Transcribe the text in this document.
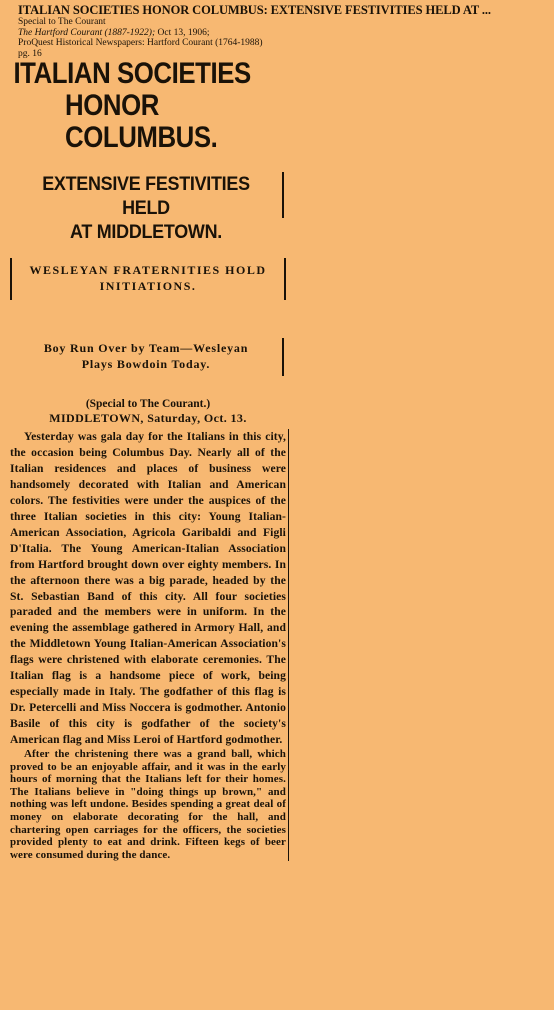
ITALIAN SOCIETIES HONOR COLUMBUS: EXTENSIVE FESTIVITIES HELD AT ...
Special to The Courant
The Hartford Courant (1887-1922); Oct 13, 1906;
ProQuest Historical Newspapers: Hartford Courant (1764-1988)
pg. 16
ITALIAN SOCIETIES
HONOR COLUMBUS.
EXTENSIVE FESTIVITIES HELD
AT MIDDLETOWN.
WESLEYAN FRATERNITIES HOLD
INITIATIONS.
Boy Run Over by Team—Wesleyan
Plays Bowdoin Today.
(Special to The Courant.)
MIDDLETOWN, Saturday, Oct. 13.

Yesterday was gala day for the Italians in this city, the occasion being Columbus Day. Nearly all of the Italian residences and places of business were handsomely decorated with Italian and American colors. The festivities were under the auspices of the three Italian societies in this city: Young Italian-American Association, Agricola Garibaldi and Figli D'Italia. The Young American-Italian Association from Hartford brought down over eighty members. In the afternoon there was a big parade, headed by the St. Sebastian Band of this city. All four societies paraded and the members were in uniform. In the evening the assemblage gathered in Armory Hall, and the Middletown Young Italian-American Association's flags were christened with elaborate ceremonies. The Italian flag is a handsome piece of work, being especially made in Italy. The godfather of this flag is Dr. Petercelli and Miss Noccera is godmother. Antonio Basile of this city is godfather of the society's American flag and Miss Leroi of Hartford godmother.

After the christening there was a grand ball, which proved to be an enjoyable affair, and it was in the early hours of morning that the Italians left for their homes. The Italians believe in "doing things up brown," and nothing was left undone. Besides spending a great deal of money on elaborate decorating for the hall, and chartering open carriages for the officers, the societies provided plenty to eat and drink. Fifteen kegs of beer were consumed during the dance.
